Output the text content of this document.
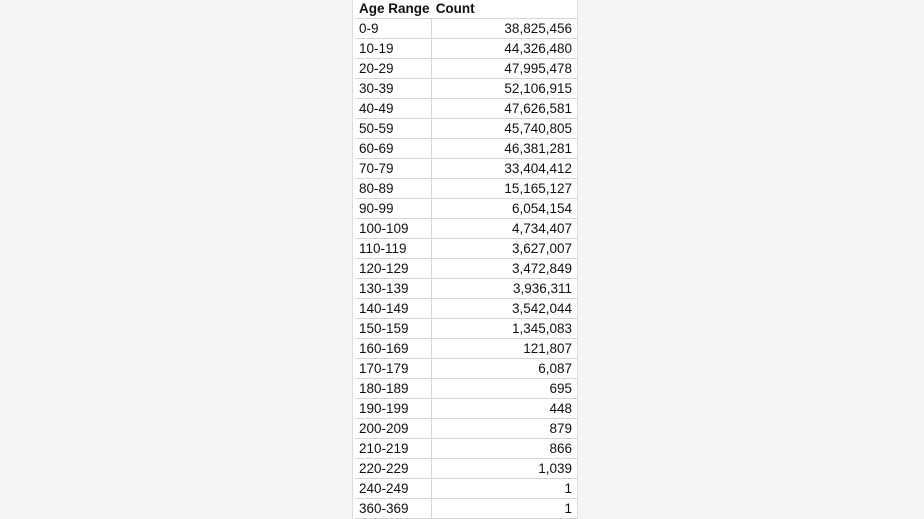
Age Range	Count
0-9	38,825,456
10-19	44,326,480
20-29	47,995,478
30-39	52,106,915
40-49	47,626,581
50-59	45,740,805
60-69	46,381,281
70-79	33,404,412
80-89	15,165,127
90-99	6,054,154
100-109	4,734,407
110-119	3,627,007
120-129	3,472,849
130-139	3,936,311
140-149	3,542,044
150-159	1,345,083
160-169	121,807
170-179	6,087
180-189	695
190-199	448
200-209	879
210-219	866
220-229	1,039
240-249	1
360-369	1
